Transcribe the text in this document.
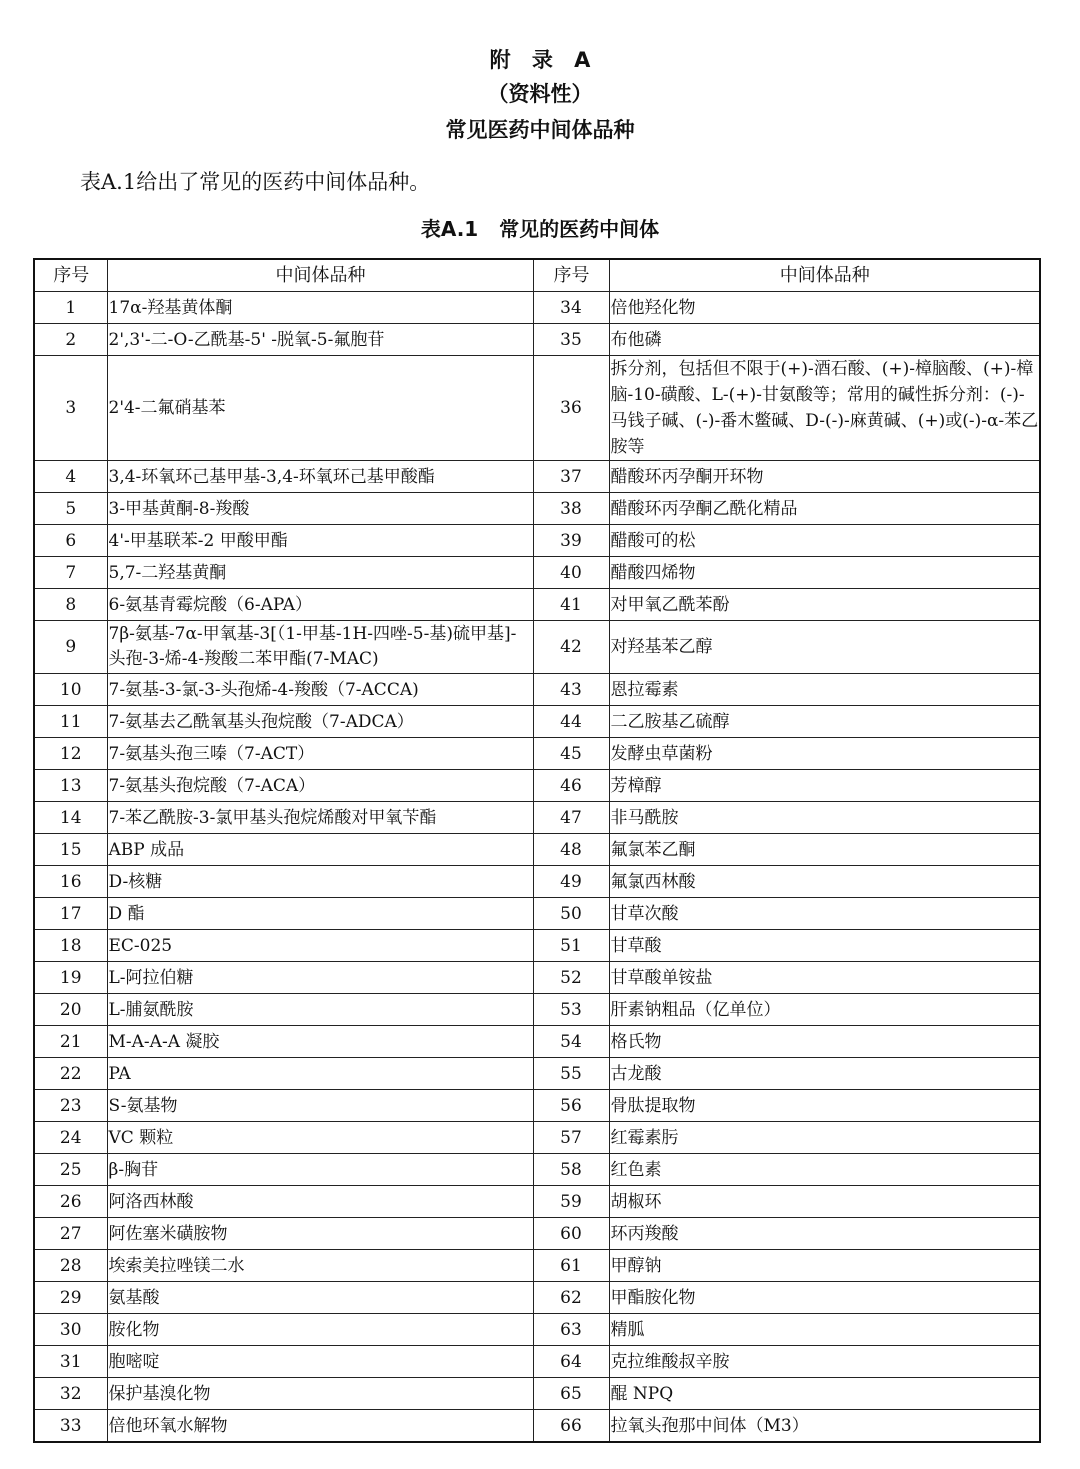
附 录 A
（资料性）
常见医药中间体品种
表A.1给出了常见的医药中间体品种。
表A.1   常见的医药中间体
序号	中间体品种	序号	中间体品种
1	17α-羟基黄体酮	34	倍他羟化物
2	2',3'-二-O-乙酰基-5' -脱氧-5-氟胞苷	35	布他磷
3	2'4-二氟硝基苯	36	拆分剂，包括但不限于(+)-酒石酸、(+)-樟脑酸、(+)-樟脑-10-磺酸、L-(+)-甘氨酸等；常用的碱性拆分剂：(-)-马钱子碱、(-)-番木鳖碱、D-(-)-麻黄碱、(+)或(-)-α-苯乙胺等
4	3,4-环氧环己基甲基-3,4-环氧环己基甲酸酯	37	醋酸环丙孕酮开环物
5	3-甲基黄酮-8-羧酸	38	醋酸环丙孕酮乙酰化精品
6	4'-甲基联苯-2 甲酸甲酯	39	醋酸可的松
7	5,7-二羟基黄酮	40	醋酸四烯物
8	6-氨基青霉烷酸（6-APA）	41	对甲氧乙酰苯酚
9	7β-氨基-7α-甲氧基-3[（1-甲基-1H-四唑-5-基)硫甲基]-头孢-3-烯-4-羧酸二苯甲酯(7-MAC)	42	对羟基苯乙醇
10	7-氨基-3-氯-3-头孢烯-4-羧酸（7-ACCA)	43	恩拉霉素
11	7-氨基去乙酰氧基头孢烷酸（7-ADCA）	44	二乙胺基乙硫醇
12	7-氨基头孢三嗪（7-ACT）	45	发酵虫草菌粉
13	7-氨基头孢烷酸（7-ACA）	46	芳樟醇
14	7-苯乙酰胺-3-氯甲基头孢烷烯酸对甲氧苄酯	47	非马酰胺
15	ABP 成品	48	氟氯苯乙酮
16	D-核糖	49	氟氯西林酸
17	D 酯	50	甘草次酸
18	EC-025	51	甘草酸
19	L-阿拉伯糖	52	甘草酸单铵盐
20	L-脯氨酰胺	53	肝素钠粗品（亿单位）
21	M-A-A-A 凝胶	54	格氏物
22	PA	55	古龙酸
23	S-氨基物	56	骨肽提取物
24	VC 颗粒	57	红霉素肟
25	β-胸苷	58	红色素
26	阿洛西林酸	59	胡椒环
27	阿佐塞米磺胺物	60	环丙羧酸
28	埃索美拉唑镁二水	61	甲醇钠
29	氨基酸	62	甲酯胺化物
30	胺化物	63	精胍
31	胞嘧啶	64	克拉维酸叔辛胺
32	保护基溴化物	65	醌 NPQ
33	倍他环氧水解物	66	拉氧头孢那中间体（M3）
